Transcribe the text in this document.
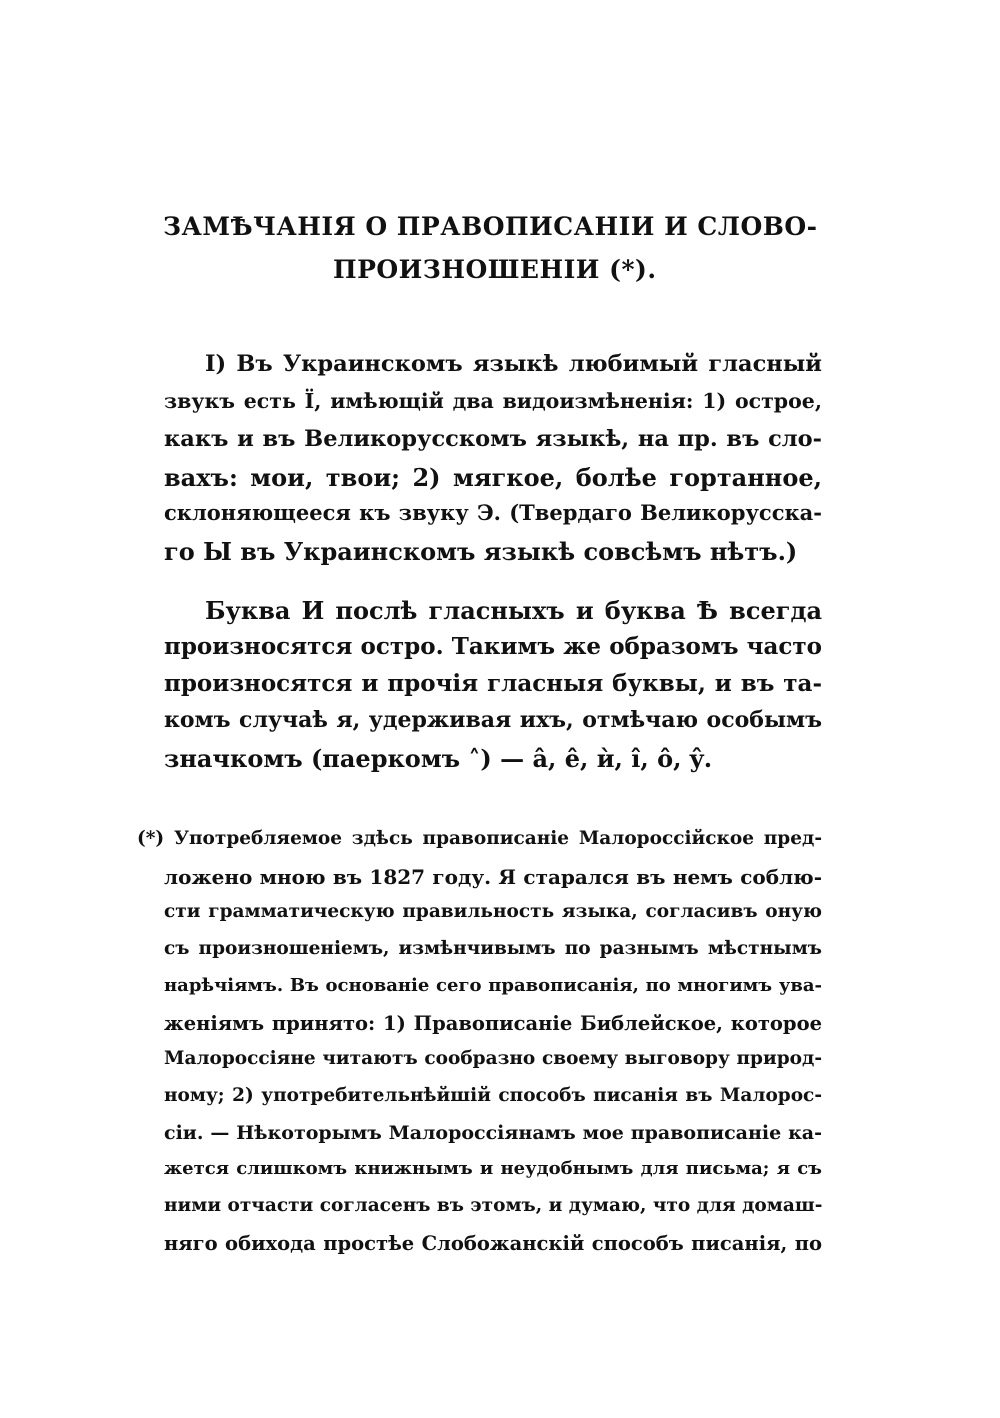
ЗАМѢЧАНІЯ О ПРАВОПИСАНІИ И СЛОВО-
ПРОИЗНОШЕНІИ (*).
I) Въ Украинскомъ языкѣ любимый гласный
звукъ есть Ї, имѣющій два видоизмѣненія: 1) острое,
какъ и въ Великорусскомъ языкѣ, на пр. въ сло-
вахъ: мои, твои; 2) мягкое, болѣе гортанное,
склоняющееся къ звуку Э. (Твердаго Великорусска-
го Ы въ Украинскомъ языкѣ совсѣмъ нѣтъ.)
Буква И послѣ гласныхъ и буква Ѣ всегда
произносятся остро. Такимъ же образомъ часто
произносятся и прочія гласныя буквы, и въ та-
комъ случаѣ я, удерживая ихъ, отмѣчаю особымъ
значкомъ (паеркомъ ˄) — â, ê, ѝ, î, ô, ŷ.
(*) Употребляемое здѣсь правописаніе Малороссійское пред-
ложено мною въ 1827 году. Я старался въ немъ соблю-
сти грамматическую правильность языка, согласивъ оную
съ произношеніемъ, измѣнчивымъ по разнымъ мѣстнымъ
нарѣчіямъ. Въ основаніе сего правописанія, по многимъ ува-
женіямъ принято: 1) Правописаніе Библейское, которое
Малороссіяне читаютъ сообразно своему выговору природ-
ному; 2) употребительнѣйшій способъ писанія въ Малорос-
сіи. — Нѣкоторымъ Малороссіянамъ мое правописаніе ка-
жется слишкомъ книжнымъ и неудобнымъ для письма; я съ
ними отчасти согласенъ въ этомъ, и думаю, что для домаш-
няго обихода простѣе Слобожанскій способъ писанія, по
